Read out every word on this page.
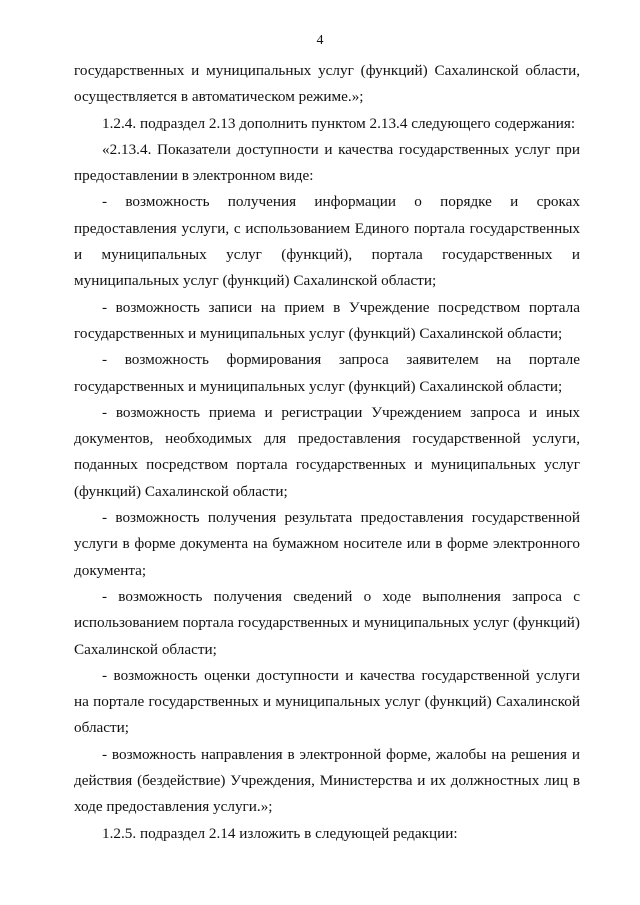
4

государственных и муниципальных услуг (функций) Сахалинской области, осуществляется в автоматическом режиме.»;

1.2.4. подраздел 2.13 дополнить пунктом 2.13.4 следующего содержания:

«2.13.4. Показатели доступности и качества государственных услуг при предоставлении в электронном виде:

- возможность получения информации о порядке и сроках предоставления услуги, с использованием Единого портала государственных и муниципальных услуг (функций), портала государственных и муниципальных услуг (функций) Сахалинской области;

- возможность записи на прием в Учреждение посредством портала государственных и муниципальных услуг (функций) Сахалинской области;

- возможность формирования запроса заявителем на портале государственных и муниципальных услуг (функций) Сахалинской области;

- возможность приема и регистрации Учреждением запроса и иных документов, необходимых для предоставления государственной услуги, поданных посредством портала государственных и муниципальных услуг (функций) Сахалинской области;

- возможность получения результата предоставления государственной услуги в форме документа на бумажном носителе или в форме электронного документа;

- возможность получения сведений о ходе выполнения запроса с использованием портала государственных и муниципальных услуг (функций) Сахалинской области;

- возможность оценки доступности и качества государственной услуги на портале государственных и муниципальных услуг (функций) Сахалинской области;

- возможность направления в электронной форме, жалобы на решения и действия (бездействие) Учреждения, Министерства и их должностных лиц в ходе предоставления услуги.»;

1.2.5. подраздел 2.14 изложить в следующей редакции:
